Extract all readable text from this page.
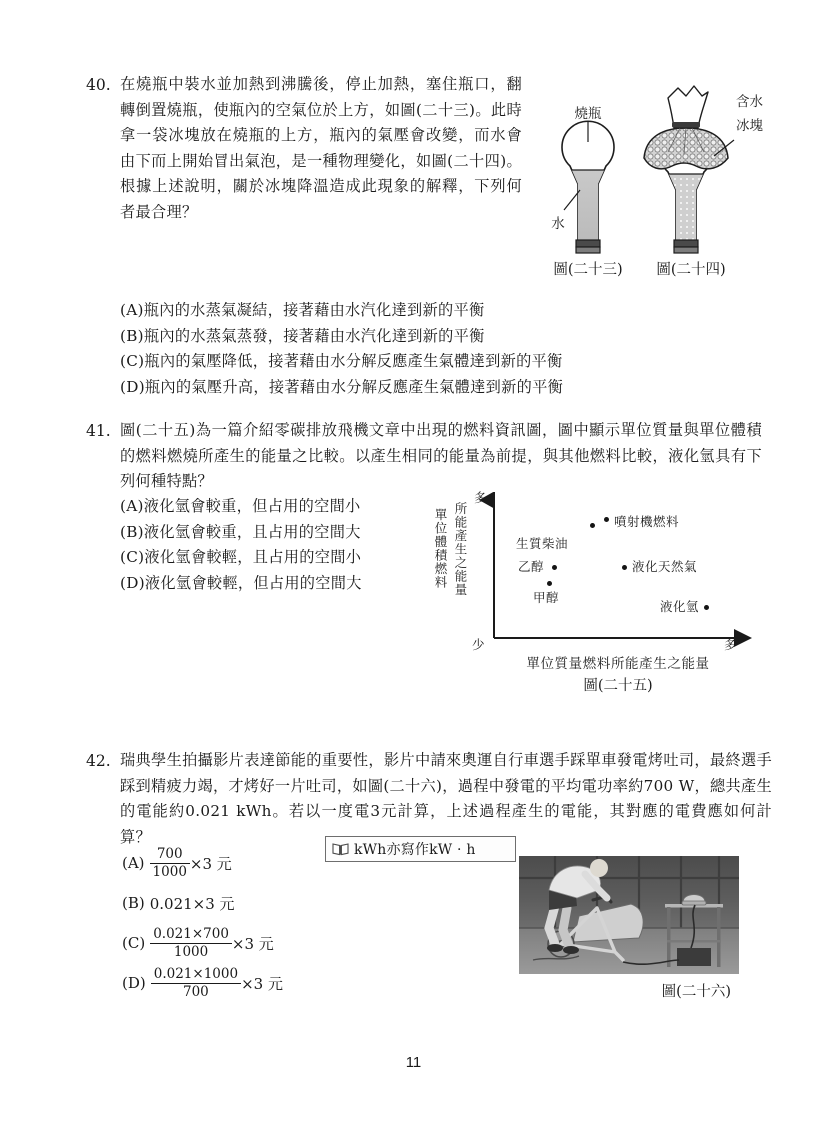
40. 在燒瓶中裝水並加熱到沸騰後，停止加熱，塞住瓶口，翻轉倒置燒瓶，使瓶內的空氣位於上方，如圖(二十三)。此時拿一袋冰塊放在燒瓶的上方，瓶內的氣壓會改變，而水會由下而上開始冒出氣泡，是一種物理變化，如圖(二十四)。根據上述說明，關於冰塊降溫造成此現象的解釋，下列何者最合理？
(A)瓶內的水蒸氣凝結，接著藉由水汽化達到新的平衡
(B)瓶內的水蒸氣蒸發，接著藉由水汽化達到新的平衡
(C)瓶內的氣壓降低，接著藉由水分解反應產生氣體達到新的平衡
(D)瓶內的氣壓升高，接著藉由水分解反應產生氣體達到新的平衡
燒瓶
水
含水
冰塊
圖(二十三) 圖(二十四)
41. 圖(二十五)為一篇介紹零碳排放飛機文章中出現的燃料資訊圖，圖中顯示單位質量與單位體積的燃料燃燒所產生的能量之比較。以產生相同的能量為前提，與其他燃料比較，液化氫具有下列何種特點？
(A)液化氫會較重，但占用的空間小
(B)液化氫會較重，且占用的空間大
(C)液化氫會較輕，且占用的空間小
(D)液化氫會較輕，但占用的空間大	單位體積燃料 所能產生之能量
多
少	多
生質柴油
噴射機燃料
乙醇
甲醇
液化天然氣
液化氫
單位質量燃料所能產生之能量
圖(二十五)
42. 瑞典學生拍攝影片表達節能的重要性，影片中請來奧運自行車選手踩單車發電烤吐司，最終選手踩到精疲力竭，才烤好一片吐司，如圖(二十六)，過程中發電的平均電功率約700 W，總共產生的電能約0.021 kWh。若以一度電3元計算，上述過程產生的電能，其對應的電費應如何計算？
$(A) \frac{700}{1000} \times 3$ 元
(B) 0.021×3 元
$(C) \frac{0.021\times 700}{1000} \times 3$ 元
$(D) \frac{0.021\times 1000}{700} \times 3$ 元
kWh亦寫作kW · h
圖(二十六)
11
